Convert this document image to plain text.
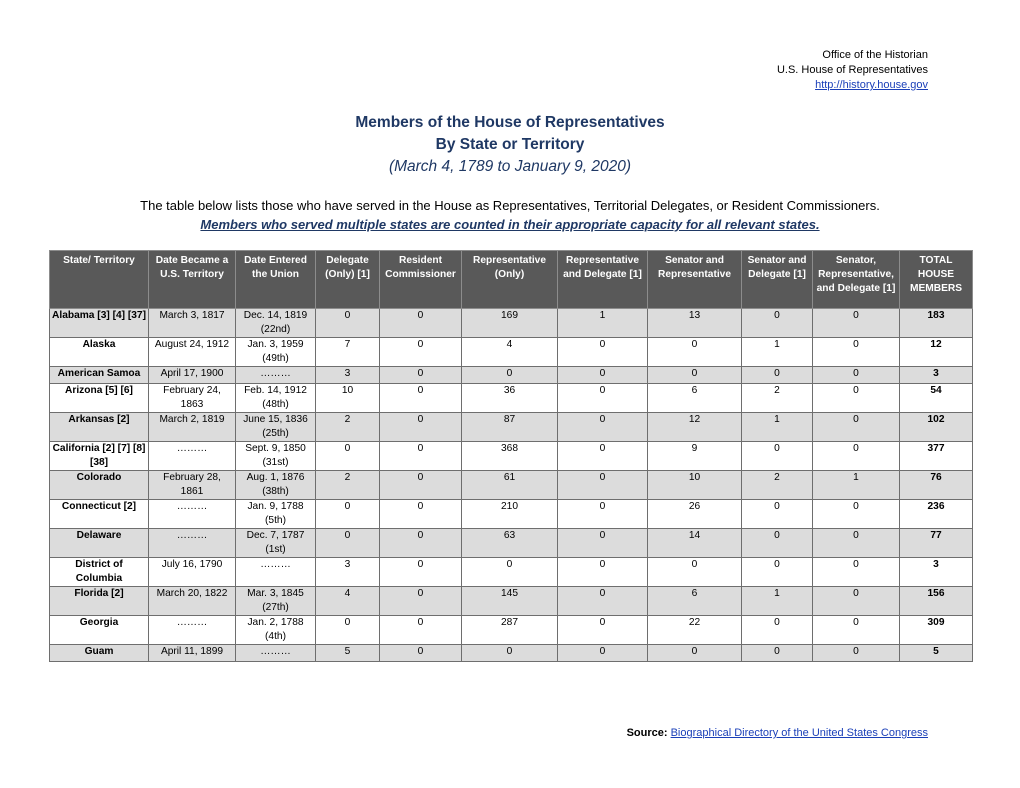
Office of the Historian
U.S. House of Representatives
http://history.house.gov
Members of the House of Representatives
By State or Territory
(March 4, 1789 to January 9, 2020)
The table below lists those who have served in the House as Representatives, Territorial Delegates, or Resident Commissioners.
Members who served multiple states are counted in their appropriate capacity for all relevant states.
State/ Territory	Date Became a U.S. Territory	Date Entered the Union	Delegate (Only) [1]	Resident Commissioner	Representative (Only)	Representative and Delegate [1]	Senator and Representative	Senator and Delegate [1]	Senator, Representative, and Delegate [1]	TOTAL HOUSE MEMBERS
Alabama [3] [4] [37]	March 3, 1817	Dec. 14, 1819 (22nd)	0	0	169	1	13	0	0	183
Alaska	August 24, 1912	Jan. 3, 1959 (49th)	7	0	4	0	0	1	0	12
American Samoa	April 17, 1900	………	3	0	0	0	0	0	0	3
Arizona [5] [6]	February 24, 1863	Feb. 14, 1912 (48th)	10	0	36	0	6	2	0	54
Arkansas [2]	March 2, 1819	June 15, 1836 (25th)	2	0	87	0	12	1	0	102
California [2] [7] [8] [38]	………	Sept. 9, 1850 (31st)	0	0	368	0	9	0	0	377
Colorado	February 28, 1861	Aug. 1, 1876 (38th)	2	0	61	0	10	2	1	76
Connecticut [2]	………	Jan. 9, 1788 (5th)	0	0	210	0	26	0	0	236
Delaware	………	Dec. 7, 1787 (1st)	0	0	63	0	14	0	0	77
District of Columbia	July 16, 1790	………	3	0	0	0	0	0	0	3
Florida [2]	March 20, 1822	Mar. 3, 1845 (27th)	4	0	145	0	6	1	0	156
Georgia	………	Jan. 2, 1788 (4th)	0	0	287	0	22	0	0	309
Guam	April 11, 1899	………	5	0	0	0	0	0	0	5
Source: Biographical Directory of the United States Congress
